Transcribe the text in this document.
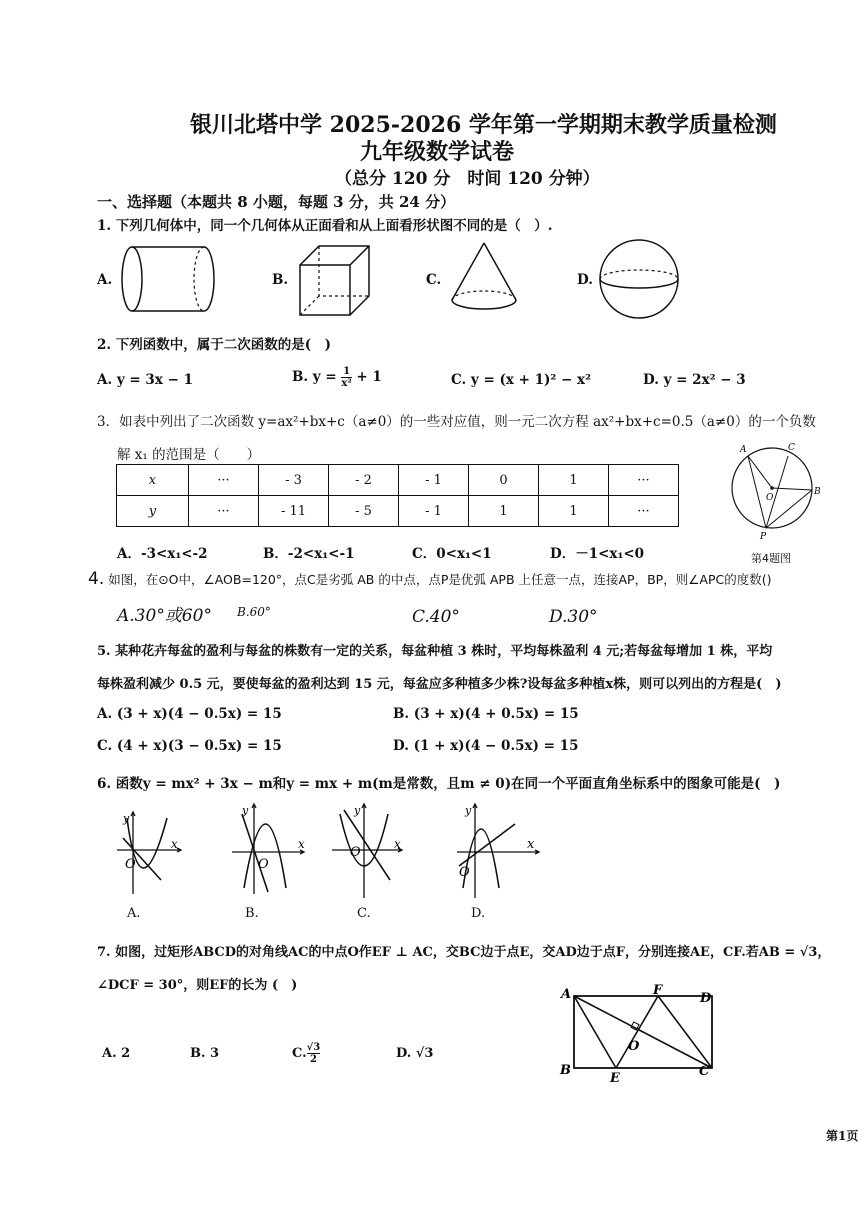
银川北塔中学 2025-2026 学年第一学期期末教学质量检测
九年级数学试卷
（总分 120 分　时间 120 分钟）
一、选择题（本题共 8 小题，每题 3 分，共 24 分）
1. 下列几何体中，同一个几何体从正面看和从上面看形状图不同的是（　）.
A.	B.	C.	D.
2. 下列函数中，属于二次函数的是(　)
A. y = 3x − 1	B. $y = \frac{1}{\text{x²}} + 1$	C. y = (x + 1)² − x²	D. y = 2x² − 3
3．如表中列出了二次函数 y=ax²+bx+c（a≠0）的一些对应值，则一元二次方程 ax²+bx+c=0.5（a≠0）的一个负数
解 x₁ 的范围是（　　）
x	···	- 3	- 2	- 1	0	1	···
y	···	- 11	- 5	- 1	1	1	···
A．-3<x₁<-2	B．-2<x₁<-1	C．0<x₁<1	D．－1<x₁<0
A	C
O
B
P
第4题图
4. 如图，在⊙O中，∠AOB=120°，点C是劣弧 AB 的中点，点P是优弧 APB 上任意一点，连接AP，BP，则∠APC的度数()
A.30°或60° B.60°	C.40°	D.30°
5. 某种花卉每盆的盈利与每盆的株数有一定的关系，每盆种植 3 株时，平均每株盈利 4 元;若每盆每增加 1 株，平均
每株盈利减少 0.5 元，要使每盆的盈利达到 15 元，每盆应多种植多少株?设每盆多种植x株，则可以列出的方程是(　)
A. (3 + x)(4 − 0.5x) = 15	B. (3 + x)(4 + 0.5x) = 15
C. (4 + x)(3 − 0.5x) = 15	D. (1 + x)(4 − 0.5x) = 15
6. 函数y = mx² + 3x − m和y = mx + m(m是常数，且m ≠ 0)在同一个平面直角坐标系中的图象可能是(　)
O
y
x
A.
O
y
x
B.
O
y
x
C.
O
y
x
D.
7. 如图，过矩形ABCD的对角线AC的中点O作EF ⊥ AC，交BC边于点E，交AD边于点F，分别连接AE，CF.若AB = √3，
∠DCF = 30°，则EF的长为 (　)
A. 2	B. 3	C. $\frac{√3}{2}$	D. √3
A	F
D
O
B
E	C
第1页
